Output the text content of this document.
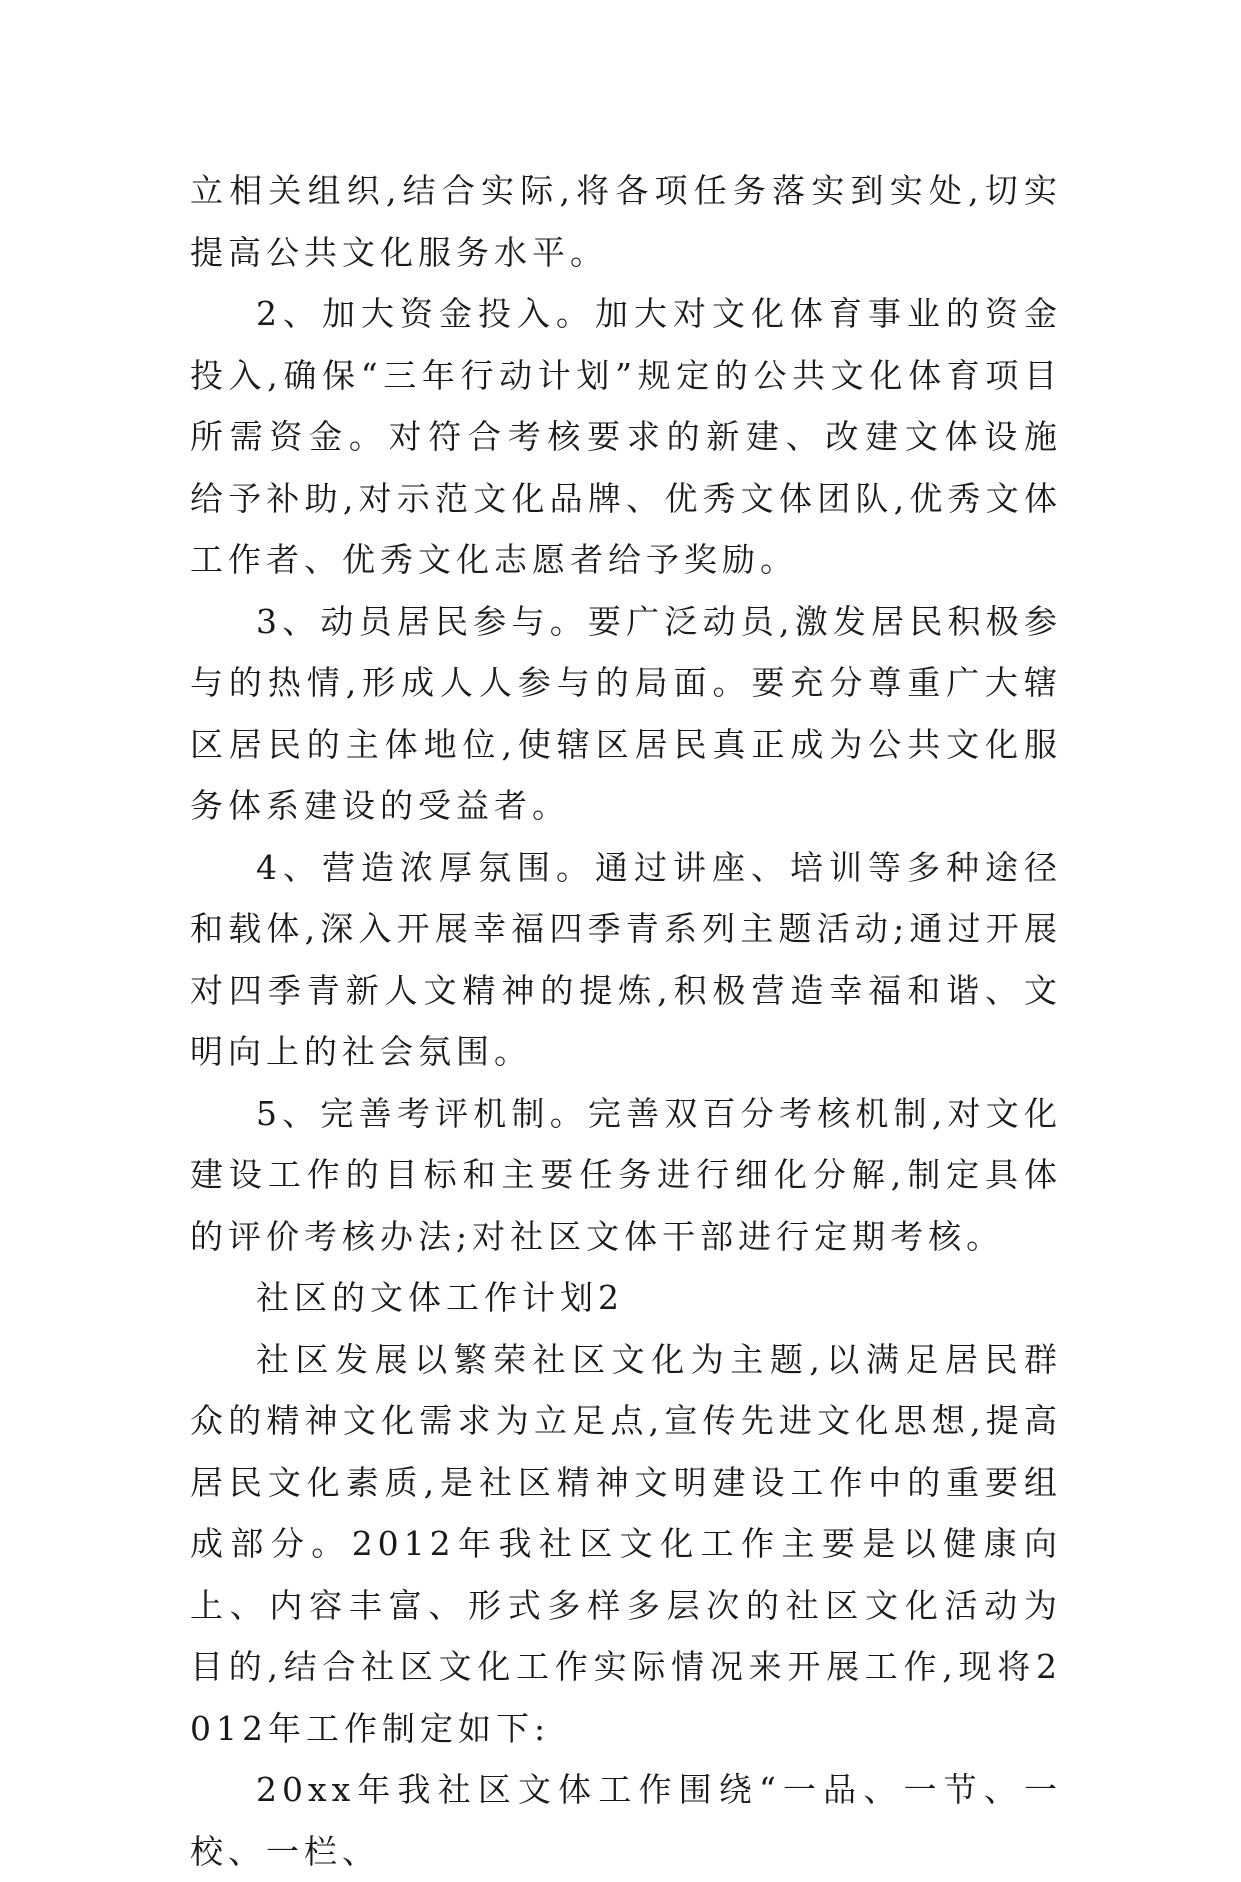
立相关组织,结合实际,将各项任务落实到实处,切实提高公共文化服务水平。

2、加大资金投入。加大对文化体育事业的资金投入,确保“三年行动计划”规定的公共文化体育项目所需资金。对符合考核要求的新建、改建文体设施给予补助,对示范文化品牌、优秀文体团队,优秀文体工作者、优秀文化志愿者给予奖励。

3、动员居民参与。要广泛动员,激发居民积极参与的热情,形成人人参与的局面。要充分尊重广大辖区居民的主体地位,使辖区居民真正成为公共文化服务体系建设的受益者。

4、营造浓厚氛围。通过讲座、培训等多种途径和载体,深入开展幸福四季青系列主题活动;通过开展对四季青新人文精神的提炼,积极营造幸福和谐、文明向上的社会氛围。

5、完善考评机制。完善双百分考核机制,对文化建设工作的目标和主要任务进行细化分解,制定具体的评价考核办法;对社区文体干部进行定期考核。

社区的文体工作计划2

社区发展以繁荣社区文化为主题,以满足居民群众的精神文化需求为立足点,宣传先进文化思想,提高居民文化素质,是社区精神文明建设工作中的重要组成部分。2012年我社区文化工作主要是以健康向上、内容丰富、形式多样多层次的社区文化活动为目的,结合社区文化工作实际情况来开展工作,现将2012年工作制定如下:

20xx年我社区文体工作围绕“一品、一节、一校、一栏、
